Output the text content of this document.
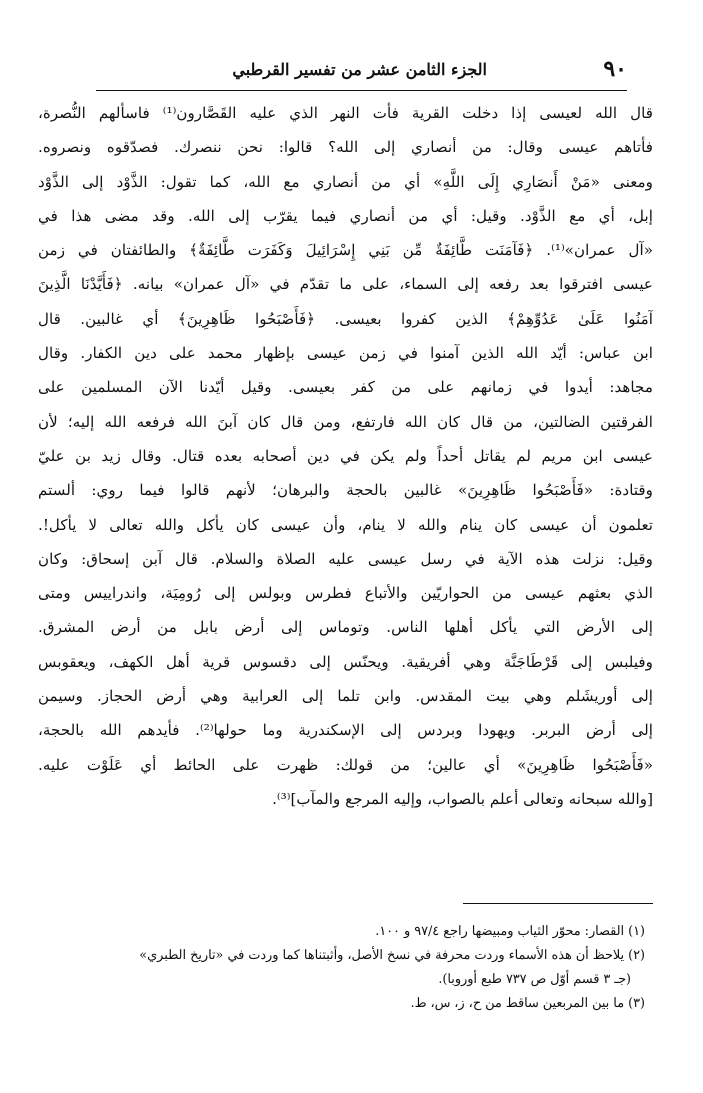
٩٠
الجزء الثامن عشر من تفسير القرطبي
قال الله لعيسى إذا دخلت القرية فأت النهر الذي عليه القَصَّارون⁽¹⁾ فاسألهم النُّصرة،
فأتاهم عيسى وقال: من أنصاري إلى الله؟ قالوا: نحن ننصرك. فصدّقوه ونصروه.
ومعنى «مَنْ أَنصَارِي إِلَى اللَّهِ» أي من أنصاري مع الله، كما تقول: الذَّوْد إلى الذَّوْد
إبل، أي مع الذَّوْد. وقيل: أي من أنصاري فيما يقرّب إلى الله. وقد مضى هذا في
«آل عمران»⁽¹⁾. ﴿فَآمَنَت طَّائِفَةٌ مِّن بَنِي إِسْرَائِيلَ وَكَفَرَت طَّائِفَةٌ﴾ والطائفتان في زمن
عيسى افترقوا بعد رفعه إلى السماء، على ما تقدّم في «آل عمران» بيانه. ﴿فَأَيَّدْنَا الَّذِينَ
آمَنُوا عَلَىٰ عَدُوِّهِمْ﴾ الذين كفروا بعيسى. ﴿فَأَصْبَحُوا ظَاهِرِينَ﴾ أي غالبين. قال
ابن عباس: أيّد الله الذين آمنوا في زمن عيسى بإظهار محمد على دين الكفار. وقال
مجاهد: أيدوا في زمانهم على من كفر بعيسى. وقيل أيّدنا الآن المسلمين على
الفرقتين الضالتين، من قال كان الله فارتفع، ومن قال كان آبنَ الله فرفعه الله إليه؛ لأن
عيسى ابن مريم لم يقاتل أحداً ولم يكن في دين أصحابه بعده قتال. وقال زيد بن عليّ
وقتادة: «فَأَصْبَحُوا ظَاهِرِينَ» غالبين بالحجة والبرهان؛ لأنهم قالوا فيما روي: ألستم
تعلمون أن عيسى كان ينام والله لا ينام، وأن عيسى كان يأكل والله تعالى لا يأكل!.
وقيل: نزلت هذه الآية في رسل عيسى عليه الصلاة والسلام. قال آبن إسحاق: وكان
الذي بعثهم عيسى من الحواريّين والأتباع فطرس وبولس إلى رُومِيَة، واندراييس ومتى
إلى الأرض التي يأكل أهلها الناس. وتوماس إلى أرض بابل من أرض المشرق.
وفيلبس إلى قَرْطَاجَنَّة وهي أفريقية. ويحنّس إلى دقسوس قرية أهل الكهف، ويعقوبس
إلى أوريشَلم وهي بيت المقدس. وابن تلما إلى العرابية وهي أرض الحجاز. وسيمن
إلى أرض البربر. ويهودا وبردس إلى الإسكندرية وما حولها⁽²⁾. فأيدهم الله بالحجة،
«فَأَصْبَحُوا ظَاهِرِينَ» أي عالين؛ من قولك: ظهرت على الحائط أي عَلَوْت عليه.
[والله سبحانه وتعالى أعلم بالصواب، وإليه المرجع والمآب]⁽³⁾.
(١) القصار: محوّر الثياب ومبيضها راجع ٩٧/٤ و ١٠٠.
(٢) يلاحظ أن هذه الأسماء وردت محرفة في نسخ الأصل، وأثبتناها كما وردت في «تاريخ الطبري»
(جـ ٣ قسم أوّل ص ٧٣٧ طبع أوروبا).
(٣) ما بين المربعين ساقط من ح، ز، س، ط.
